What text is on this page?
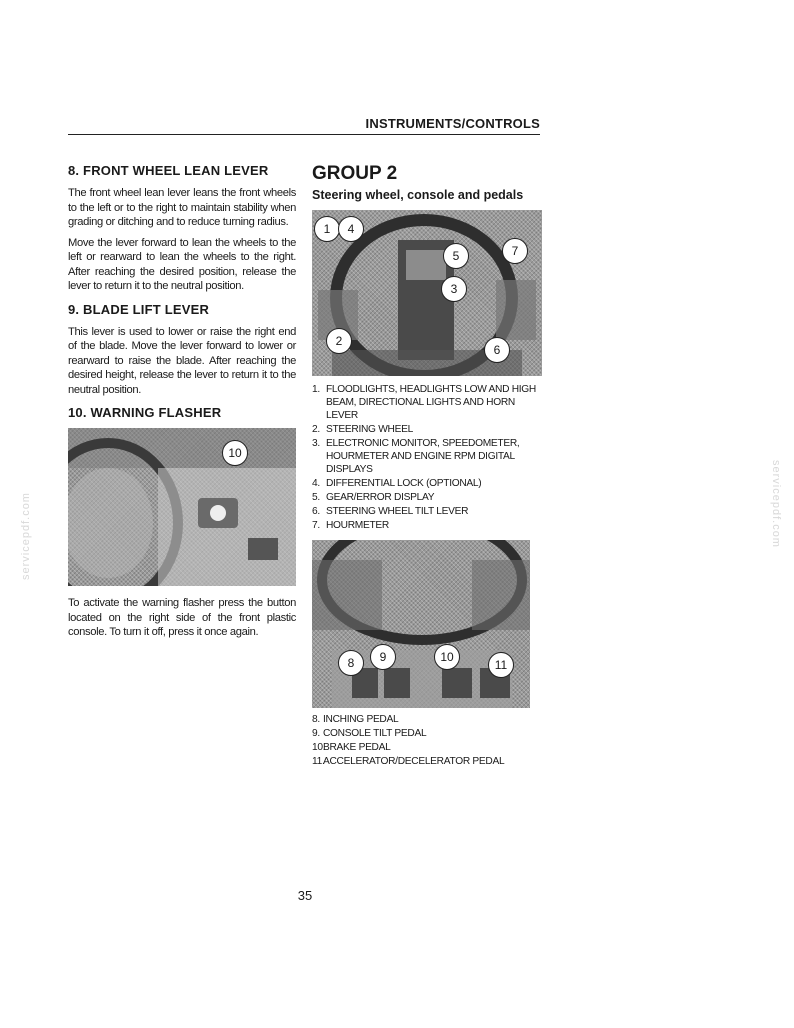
INSTRUMENTS/CONTROLS
servicepdf.com	servicepdf.com
8. FRONT WHEEL LEAN LEVER

The front wheel lean lever leans the front wheels to the left or to the right to maintain stability when grading or ditching and to reduce turning radius.

Move the lever forward to lean the wheels to the left or rearward to lean the wheels to the right. After reaching the desired position, release the lever to return it to the neutral position.

9. BLADE LIFT LEVER

This lever is used to lower or raise the right end of the blade. Move the lever forward to lower or rearward to raise the blade. After reaching the desired height, release the lever to return it to the neutral position.

10. WARNING FLASHER
10

To activate the warning flasher press the button located on the right side of the front plastic console. To turn it off, press it once again.

GROUP 2
Steering wheel, console and pedals
1	4
5	7
3
2
6
1. FLOODLIGHTS, HEADLIGHTS LOW AND HIGH BEAM, DIRECTIONAL LIGHTS AND HORN LEVER
2. STEERING WHEEL
3. ELECTRONIC MONITOR, SPEEDOMETER, HOURMETER AND ENGINE RPM DIGITAL DISPLAYS
4. DIFFERENTIAL LOCK (OPTIONAL)
5. GEAR/ERROR DISPLAY
6. STEERING WHEEL TILT LEVER
7. HOURMETER
8	9	10
11
8. INCHING PEDAL
9. CONSOLE TILT PEDAL
10.
BRAKE PEDAL
11.
ACCELERATOR/DECELERATOR PEDAL
35
